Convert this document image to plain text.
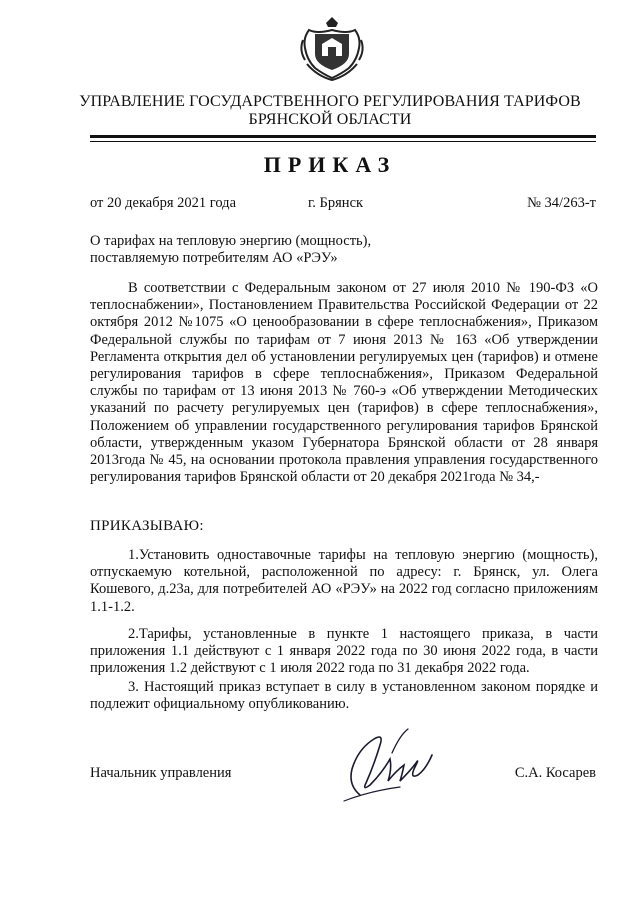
УПРАВЛЕНИЕ ГОСУДАРСТВЕННОГО РЕГУЛИРОВАНИЯ ТАРИФОВ
БРЯНСКОЙ ОБЛАСТИ
ПРИКАЗ
от 20 декабря 2021 года	г. Брянск	№ 34/263-т
О тарифах на тепловую энергию (мощность),
поставляемую потребителям АО «РЭУ»
В соответствии с Федеральным законом от 27 июля 2010 № 190-ФЗ «О теплоснабжении», Постановлением Правительства Российской Федерации от 22 октября 2012 №1075 «О ценообразовании в сфере теплоснабжения», Приказом Федеральной службы по тарифам от 7 июня 2013 № 163 «Об утверждении Регламента открытия дел об установлении регулируемых цен (тарифов) и отмене регулирования тарифов в сфере теплоснабжения», Приказом Федеральной службы по тарифам от 13 июня 2013 № 760-э «Об утверждении Методических указаний по расчету регулируемых цен (тарифов) в сфере теплоснабжения», Положением об управлении государственного регулирования тарифов Брянской области, утвержденным указом Губернатора Брянской области от 28 января 2013года № 45, на основании протокола правления управления государственного регулирования тарифов Брянской области от 20 декабря 2021года № 34,-
ПРИКАЗЫВАЮ:
1.Установить одноставочные тарифы на тепловую энергию (мощность), отпускаемую котельной, расположенной по адресу: г. Брянск, ул. Олега Кошевого, д.23а, для потребителей АО «РЭУ» на 2022 год согласно приложениям 1.1-1.2.
2.Тарифы, установленные в пункте 1 настоящего приказа, в части приложения 1.1 действуют с 1 января 2022 года по 30 июня 2022 года, в части приложения 1.2 действуют с 1 июля 2022 года по 31 декабря 2022 года.
3. Настоящий приказ вступает в силу в установленном законом порядке и подлежит официальному опубликованию.
Начальник управления	С.А. Косарев
